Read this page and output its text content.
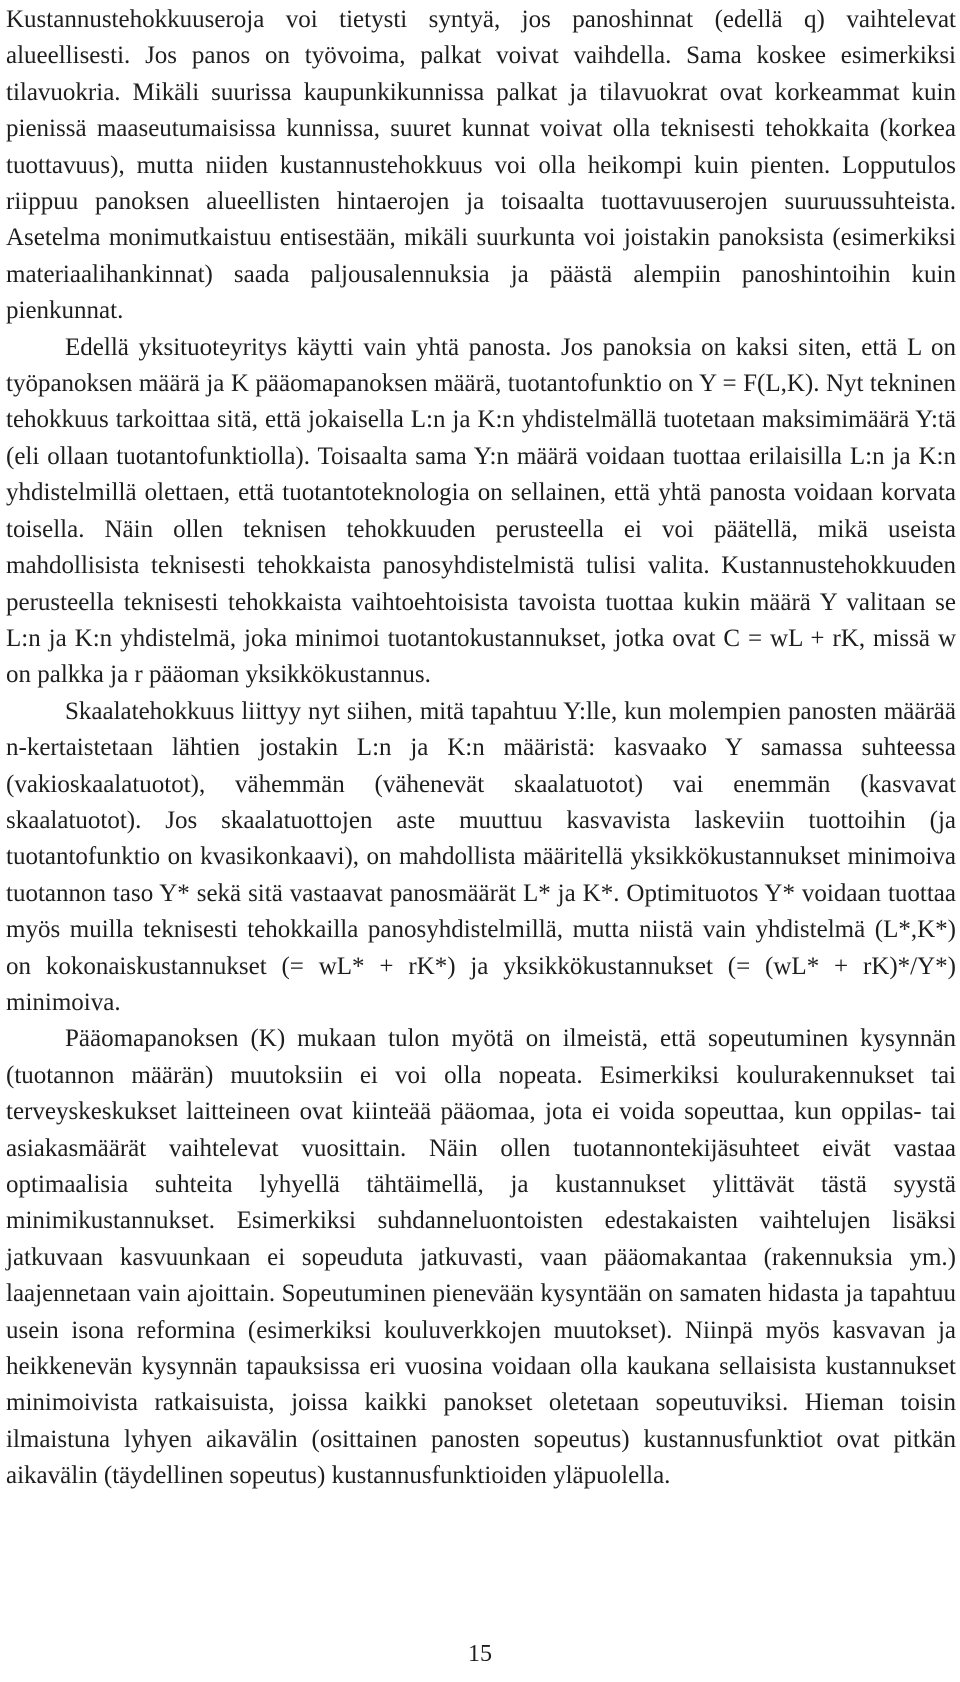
Kustannustehokkuuseroja voi tietysti syntyä, jos panoshinnat (edellä q) vaihtelevat alueellisesti. Jos panos on työvoima, palkat voivat vaihdella. Sama koskee esimerkiksi tilavuokria. Mikäli suurissa kaupunkikunnissa palkat ja tilavuokrat ovat korkeammat kuin pienissä maaseutumaisissa kunnissa, suuret kunnat voivat olla teknisesti tehokkaita (korkea tuottavuus), mutta niiden kustannustehokkuus voi olla heikompi kuin pienten. Lopputulos riippuu panoksen alueellisten hintaerojen ja toisaalta tuottavuuserojen suuruussuhteista. Asetelma monimutkaistuu entisestään, mikäli suurkunta voi joistakin panoksista (esimerkiksi materiaalihankinnat) saada paljousalennuksia ja päästä alempiin panoshintoihin kuin pienkunnat.

Edellä yksituoteyritys käytti vain yhtä panosta. Jos panoksia on kaksi siten, että L on työpanoksen määrä ja K pääomapanoksen määrä, tuotantofunktio on Y = F(L,K). Nyt tekninen tehokkuus tarkoittaa sitä, että jokaisella L:n ja K:n yhdistelmällä tuotetaan maksimimäärä Y:tä (eli ollaan tuotantofunktiolla). Toisaalta sama Y:n määrä voidaan tuottaa erilaisilla L:n ja K:n yhdistelmillä olettaen, että tuotantoteknologia on sellainen, että yhtä panosta voidaan korvata toisella. Näin ollen teknisen tehokkuuden perusteella ei voi päätellä, mikä useista mahdollisista teknisesti tehokkaista panosyhdistelmistä tulisi valita. Kustannustehokkuuden perusteella teknisesti tehokkaista vaihtoehtoisista tavoista tuottaa kukin määrä Y valitaan se L:n ja K:n yhdistelmä, joka minimoi tuotantokustannukset, jotka ovat C = wL + rK, missä w on palkka ja r pääoman yksikkökustannus.

Skaalatehokkuus liittyy nyt siihen, mitä tapahtuu Y:lle, kun molempien panosten määrää n-kertaistetaan lähtien jostakin L:n ja K:n määristä: kasvaako Y samassa suhteessa (vakioskaalatuotot), vähemmän (vähenevät skaalatuotot) vai enemmän (kasvavat skaalatuotot). Jos skaalatuottojen aste muuttuu kasvavista laskeviin tuottoihin (ja tuotantofunktio on kvasikonkaavi), on mahdollista määritellä yksikkökustannukset minimoiva tuotannon taso Y* sekä sitä vastaavat panosmäärät L* ja K*. Optimituotos Y* voidaan tuottaa myös muilla teknisesti tehokkailla panosyhdistelmillä, mutta niistä vain yhdistelmä (L*,K*) on kokonaiskustannukset (= wL* + rK*) ja yksikkökustannukset (= (wL* + rK)*/Y*) minimoiva.

Pääomapanoksen (K) mukaan tulon myötä on ilmeistä, että sopeutuminen kysynnän (tuotannon määrän) muutoksiin ei voi olla nopeata. Esimerkiksi koulurakennukset tai terveyskeskukset laitteineen ovat kiinteää pääomaa, jota ei voida sopeuttaa, kun oppilas- tai asiakasmäärät vaihtelevat vuosittain. Näin ollen tuotannontekijäsuhteet eivät vastaa optimaalisia suhteita lyhyellä tähtäimellä, ja kustannukset ylittävät tästä syystä minimikustannukset. Esimerkiksi suhdanneluontoisten edestakaisten vaihtelujen lisäksi jatkuvaan kasvuunkaan ei sopeuduta jatkuvasti, vaan pääomakantaa (rakennuksia ym.) laajennetaan vain ajoittain. Sopeutuminen pienevään kysyntään on samaten hidasta ja tapahtuu usein isona reformina (esimerkiksi kouluverkkojen muutokset). Niinpä myös kasvavan ja heikkenevän kysynnän tapauksissa eri vuosina voidaan olla kaukana sellaisista kustannukset minimoivista ratkaisuista, joissa kaikki panokset oletetaan sopeutuviksi. Hieman toisin ilmaistuna lyhyen aikavälin (osittainen panosten sopeutus) kustannusfunktiot ovat pitkän aikavälin (täydellinen sopeutus) kustannusfunktioiden yläpuolella.

15
